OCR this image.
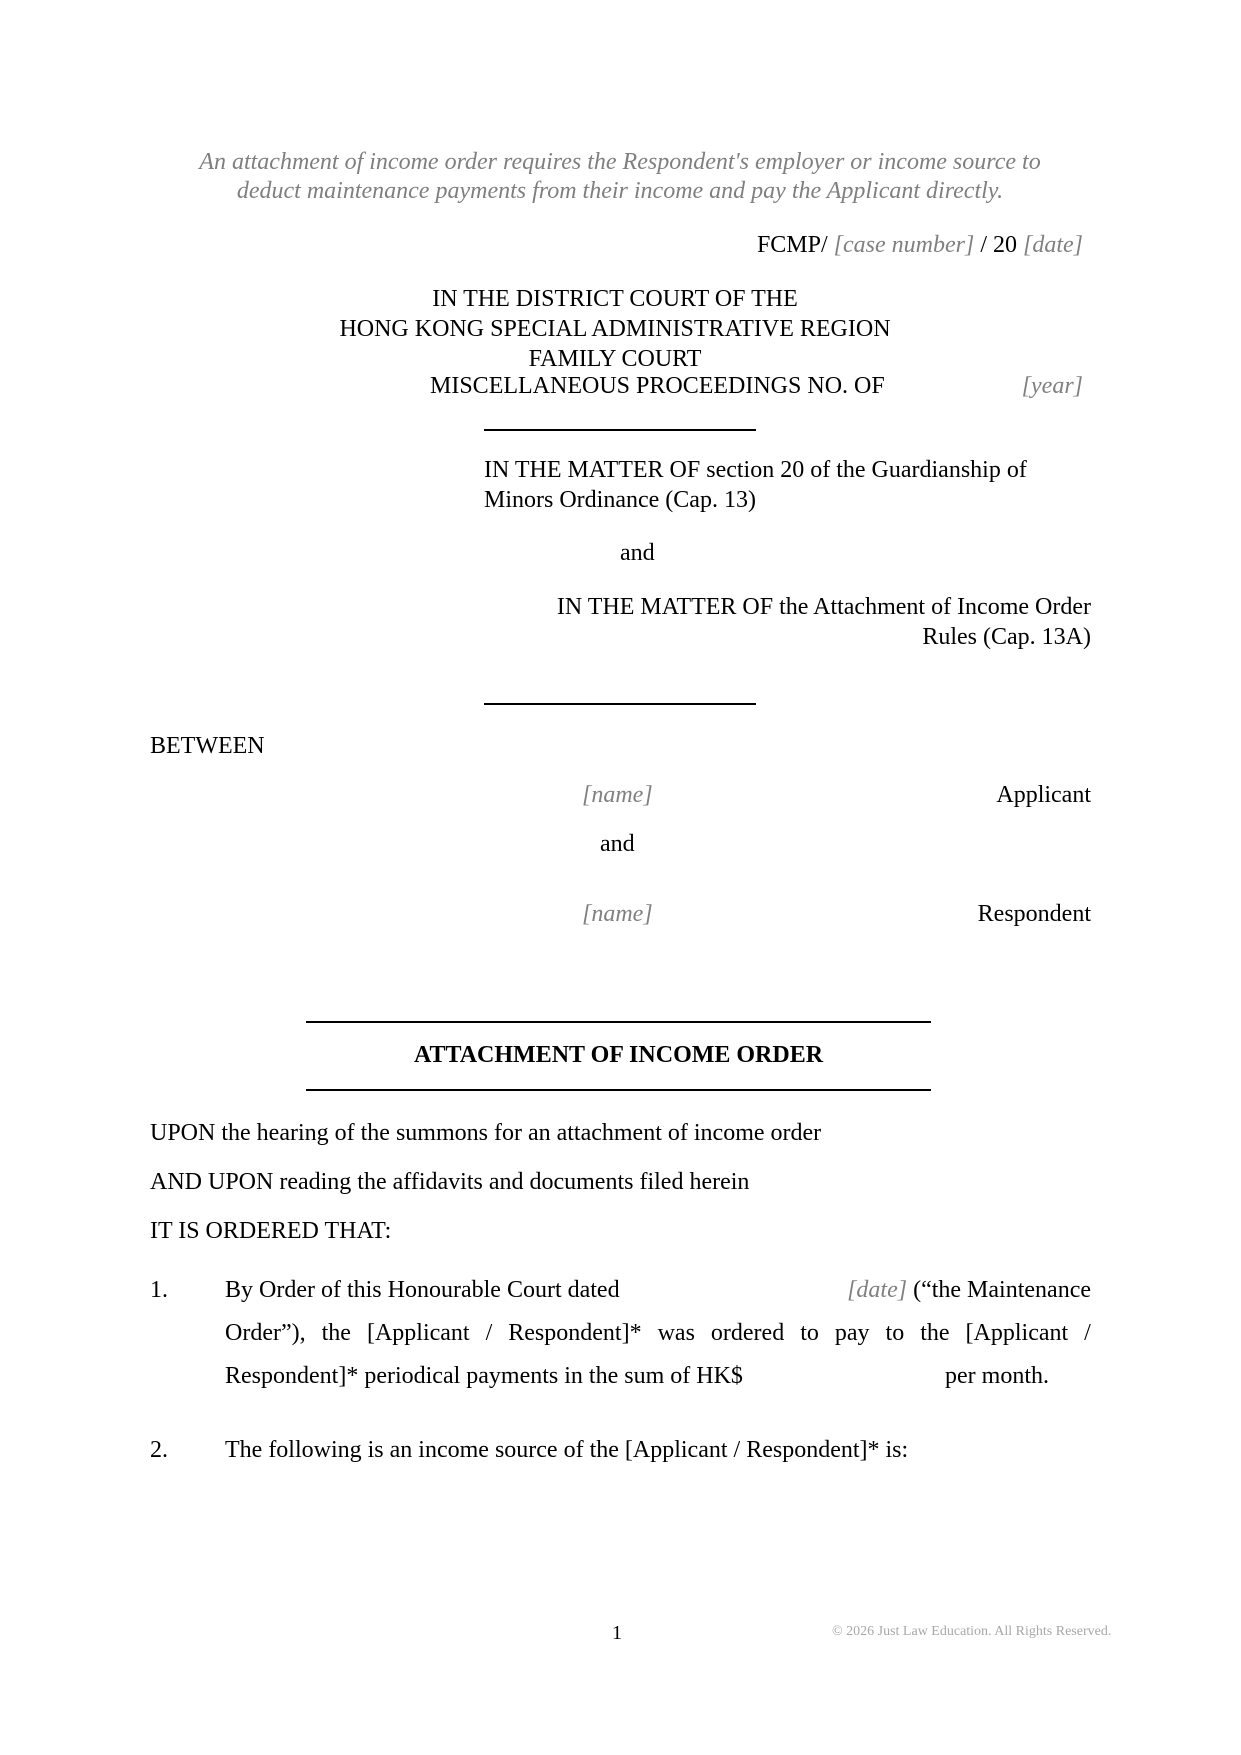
An attachment of income order requires the Respondent's employer or income source to
deduct maintenance payments from their income and pay the Applicant directly.
FCMP/ [case number] / 20 [date]
IN THE DISTRICT COURT OF THE
HONG KONG SPECIAL ADMINISTRATIVE REGION
FAMILY COURT
MISCELLANEOUS PROCEEDINGS NO. OF	[year]
IN THE MATTER OF section 20 of the Guardianship of
Minors Ordinance (Cap. 13)
and
IN THE MATTER OF the Attachment of Income Order
Rules (Cap. 13A)
BETWEEN
[name]	Applicant
and
[name]	Respondent
ATTACHMENT OF INCOME ORDER
UPON the hearing of the summons for an attachment of income order
AND UPON reading the affidavits and documents filed herein
IT IS ORDERED THAT:
1. By Order of this Honourable Court dated	[date] (“the Maintenance
Order”), the [Applicant / Respondent]* was ordered to pay to the [Applicant /
Respondent]* periodical payments in the sum of HK$	per month.
2. The following is an income source of the [Applicant / Respondent]* is:
1	© 2026 Just Law Education. All Rights Reserved.
